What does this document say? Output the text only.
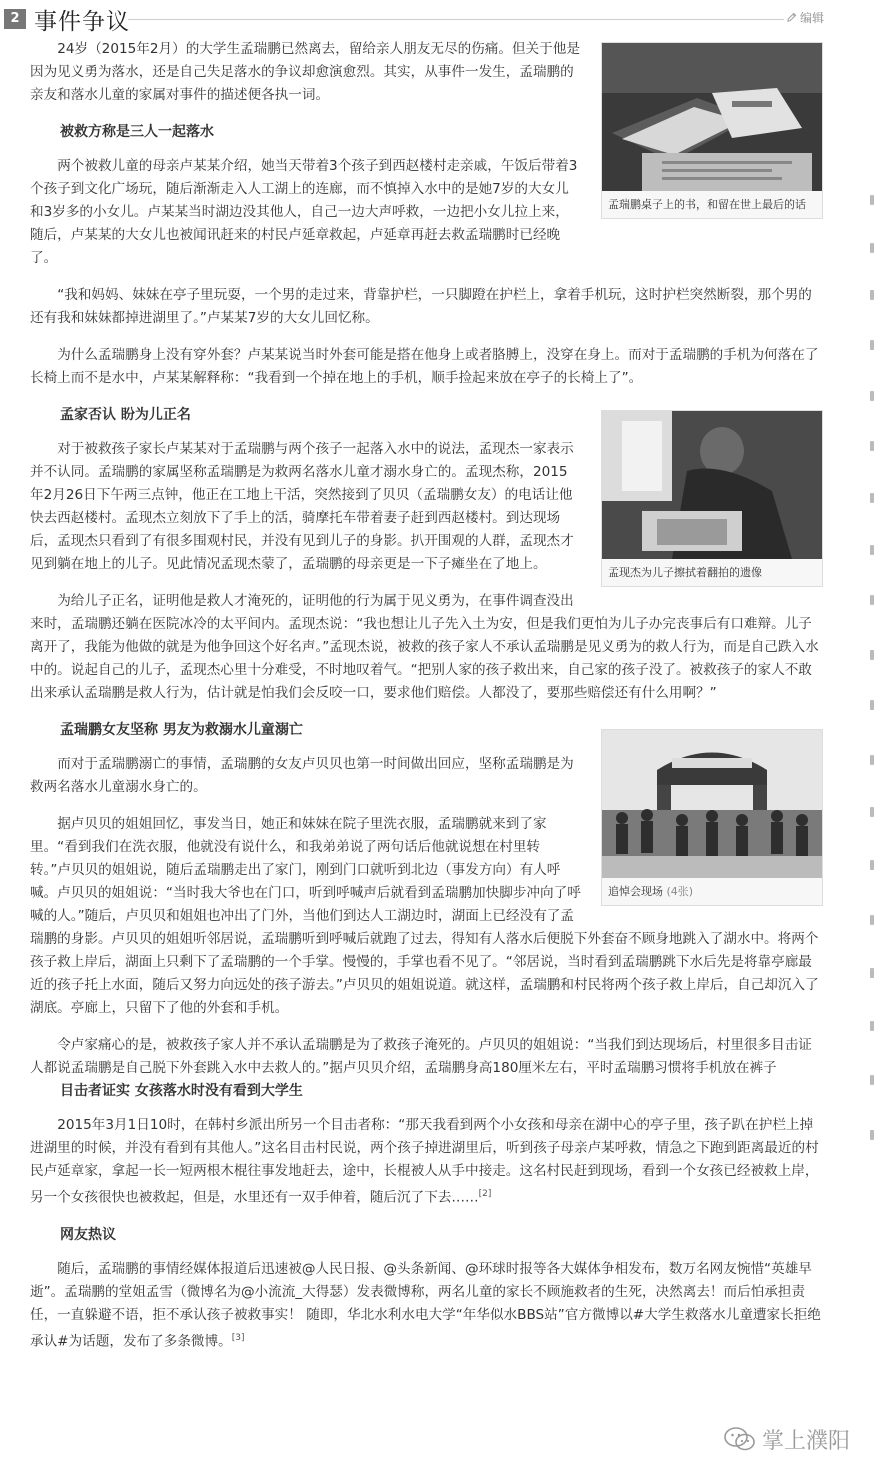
2 事件争议	编辑
孟瑞鹏桌子上的书，和留在世上最后的话

24岁（2015年2月）的大学生孟瑞鹏已然离去，留给亲人朋友无尽的伤痛。但关于他是因为见义勇为落水，还是自己失足落水的争议却愈演愈烈。其实，从事件一发生，孟瑞鹏的亲友和落水儿童的家属对事件的描述便各执一词。

被救方称是三人一起落水

两个被救儿童的母亲卢某某介绍，她当天带着3个孩子到西赵楼村走亲戚，午饭后带着3个孩子到文化广场玩，随后渐渐走入人工湖上的连廊，而不慎掉入水中的是她7岁的大女儿和3岁多的小女儿。卢某某当时湖边没其他人，自己一边大声呼救，一边把小女儿拉上来，随后，卢某某的大女儿也被闻讯赶来的村民卢延章救起，卢延章再赶去救孟瑞鹏时已经晚了。

“我和妈妈、妹妹在亭子里玩耍，一个男的走过来，背靠护栏，一只脚蹬在护栏上，拿着手机玩，这时护栏突然断裂，那个男的还有我和妹妹都掉进湖里了。”卢某某7岁的大女儿回忆称。

为什么孟瑞鹏身上没有穿外套？卢某某说当时外套可能是搭在他身上或者胳膊上，没穿在身上。而对于孟瑞鹏的手机为何落在了长椅上而不是水中，卢某某解释称：“我看到一个掉在地上的手机，顺手捡起来放在亭子的长椅上了”。

孟现杰为儿子擦拭着翻拍的遗像
孟家否认 盼为儿正名

对于被救孩子家长卢某某对于孟瑞鹏与两个孩子一起落入水中的说法，孟现杰一家表示并不认同。孟瑞鹏的家属坚称孟瑞鹏是为救两名落水儿童才溺水身亡的。孟现杰称，2015年2月26日下午两三点钟，他正在工地上干活，突然接到了贝贝（孟瑞鹏女友）的电话让他快去西赵楼村。孟现杰立刻放下了手上的活，骑摩托车带着妻子赶到西赵楼村。到达现场后，孟现杰只看到了有很多围观村民，并没有见到儿子的身影。扒开围观的人群，孟现杰才见到躺在地上的儿子。见此情况孟现杰蒙了，孟瑞鹏的母亲更是一下子瘫坐在了地上。

为给儿子正名，证明他是救人才淹死的，证明他的行为属于见义勇为，在事件调查没出来时，孟瑞鹏还躺在医院冰冷的太平间内。孟现杰说：“我也想让儿子先入土为安，但是我们更怕为儿子办完丧事后有口难辩。儿子离开了，我能为他做的就是为他争回这个好名声。”孟现杰说，被救的孩子家人不承认孟瑞鹏是见义勇为的救人行为，而是自己跌入水中的。说起自己的儿子，孟现杰心里十分难受，不时地叹着气。“把别人家的孩子救出来，自己家的孩子没了。被救孩子的家人不敢出来承认孟瑞鹏是救人行为，估计就是怕我们会反咬一口，要求他们赔偿。人都没了，要那些赔偿还有什么用啊？”

追悼会现场 (4张)
孟瑞鹏女友坚称 男友为救溺水儿童溺亡

而对于孟瑞鹏溺亡的事情，孟瑞鹏的女友卢贝贝也第一时间做出回应，坚称孟瑞鹏是为救两名落水儿童溺水身亡的。

据卢贝贝的姐姐回忆，事发当日，她正和妹妹在院子里洗衣服，孟瑞鹏就来到了家里。“看到我们在洗衣服，他就没有说什么，和我弟弟说了两句话后他就说想在村里转转。”卢贝贝的姐姐说，随后孟瑞鹏走出了家门，刚到门口就听到北边（事发方向）有人呼喊。卢贝贝的姐姐说：“当时我大爷也在门口，听到呼喊声后就看到孟瑞鹏加快脚步冲向了呼喊的人。”随后，卢贝贝和姐姐也冲出了门外，当他们到达人工湖边时，湖面上已经没有了孟瑞鹏的身影。卢贝贝的姐姐听邻居说，孟瑞鹏听到呼喊后就跑了过去，得知有人落水后便脱下外套奋不顾身地跳入了湖水中。将两个孩子救上岸后，湖面上只剩下了孟瑞鹏的一个手掌。慢慢的，手掌也看不见了。“邻居说，当时看到孟瑞鹏跳下水后先是将靠亭廊最近的孩子托上水面，随后又努力向远处的孩子游去。”卢贝贝的姐姐说道。就这样，孟瑞鹏和村民将两个孩子救上岸后，自己却沉入了湖底。亭廊上，只留下了他的外套和手机。

令卢家痛心的是，被救孩子家人并不承认孟瑞鹏是为了救孩子淹死的。卢贝贝的姐姐说：“当我们到达现场后，村里很多目击证人都说孟瑞鹏是自己脱下外套跳入水中去救人的。”据卢贝贝介绍，孟瑞鹏身高180厘米左右，平时孟瑞鹏习惯将手机放在裤子

目击者证实 女孩落水时没有看到大学生

2015年3月1日10时，在韩村乡派出所另一个目击者称：“那天我看到两个小女孩和母亲在湖中心的亭子里，孩子趴在护栏上掉进湖里的时候，并没有看到有其他人。”这名目击村民说，两个孩子掉进湖里后，听到孩子母亲卢某呼救，情急之下跑到距离最近的村民卢延章家，拿起一长一短两根木棍往事发地赶去，途中，长棍被人从手中接走。这名村民赶到现场，看到一个女孩已经被救上岸，另一个女孩很快也被救起，但是，水里还有一双手伸着，随后沉了下去……[2]

网友热议

随后，孟瑞鹏的事情经媒体报道后迅速被@人民日报、@头条新闻、@环球时报等各大媒体争相发布，数万名网友惋惜“英雄早逝”。孟瑞鹏的堂姐孟雪（微博名为@小流流_大得瑟）发表微博称，两名儿童的家长不顾施救者的生死，决然离去！而后怕承担责任，一直躲避不语，拒不承认孩子被救事实！ 随即，华北水利水电大学“年华似水BBS站”官方微博以#大学生救落水儿童遭家长拒绝承认#为话题，发布了多条微博。[3]

掌上濮阳
